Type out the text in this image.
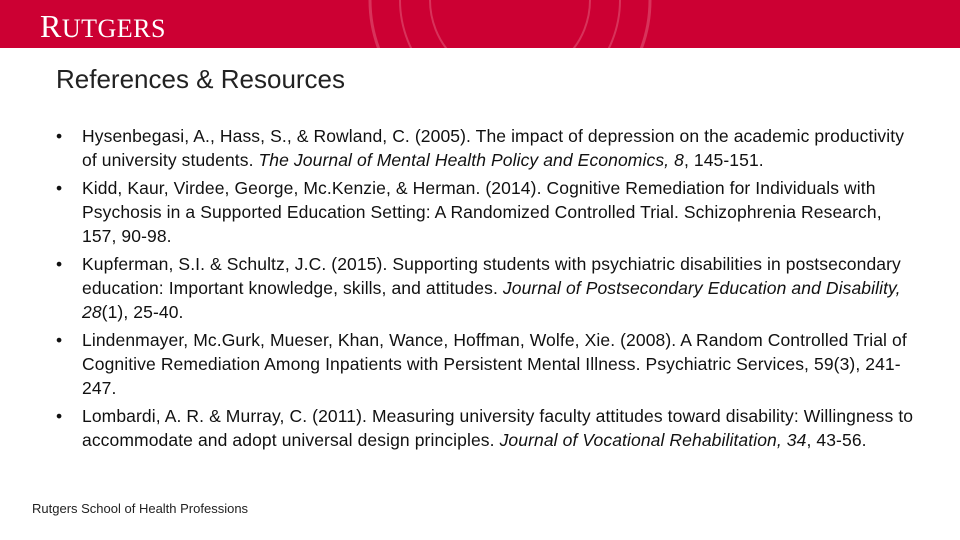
RUTGERS
References & Resources
• Hysenbegasi, A., Hass, S., & Rowland, C. (2005). The impact of depression on the academic productivity of university students. The Journal of Mental Health Policy and Economics, 8, 145-151.
• Kidd, Kaur, Virdee, George, Mc.Kenzie, & Herman. (2014). Cognitive Remediation for Individuals with Psychosis in a Supported Education Setting: A Randomized Controlled Trial. Schizophrenia Research, 157, 90-98.
• Kupferman, S.I. & Schultz, J.C. (2015). Supporting students with psychiatric disabilities in postsecondary education: Important knowledge, skills, and attitudes. Journal of Postsecondary Education and Disability, 28(1), 25-40.
• Lindenmayer, Mc.Gurk, Mueser, Khan, Wance, Hoffman, Wolfe, Xie. (2008). A Random Controlled Trial of Cognitive Remediation Among Inpatients with Persistent Mental Illness. Psychiatric Services, 59(3), 241-247.
• Lombardi, A. R. & Murray, C. (2011). Measuring university faculty attitudes toward disability: Willingness to accommodate and adopt universal design principles. Journal of Vocational Rehabilitation, 34, 43-56.
Rutgers School of Health Professions
